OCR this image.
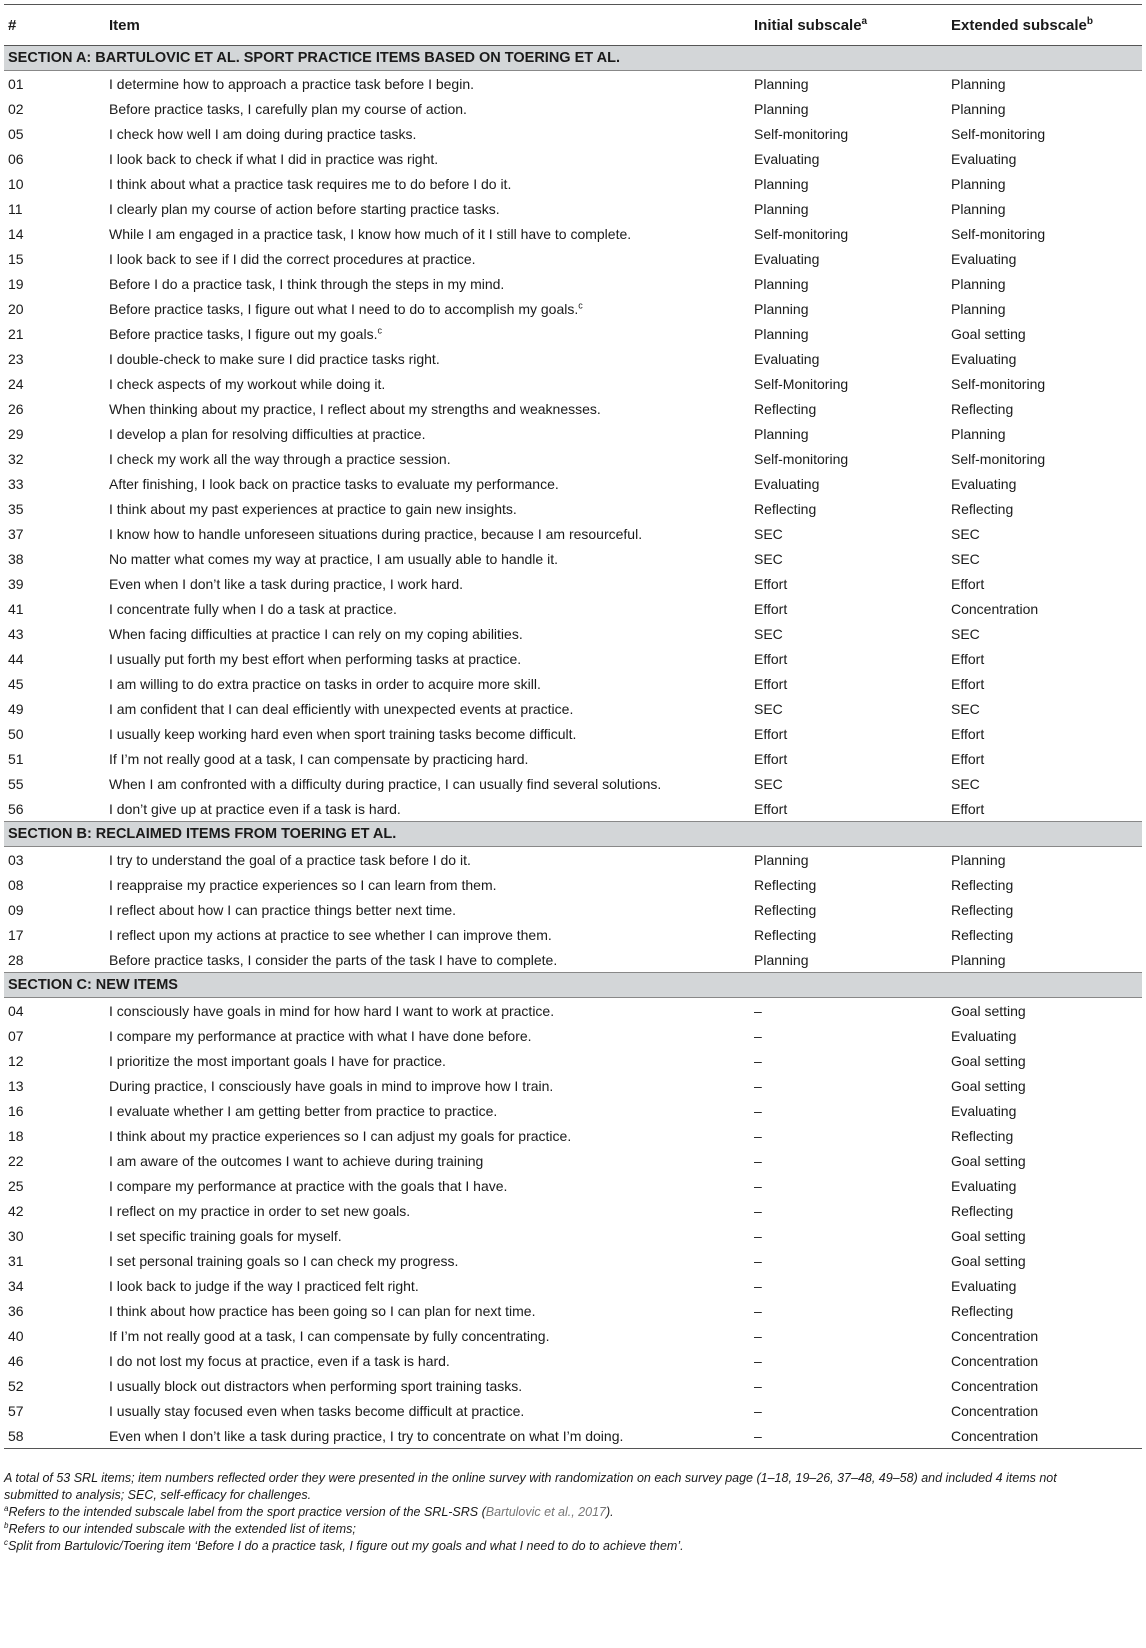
#	Item	Initial subscale$^a$	Extended subscale$^b$
SECTION A: BARTULOVIC ET AL. SPORT PRACTICE ITEMS BASED ON TOERING ET AL.			
01	I determine how to approach a practice task before I begin.	Planning	Planning
02	Before practice tasks, I carefully plan my course of action.	Planning	Planning
05	I check how well I am doing during practice tasks.	Self-monitoring	Self-monitoring
06	I look back to check if what I did in practice was right.	Evaluating	Evaluating
10	I think about what a practice task requires me to do before I do it.	Planning	Planning
11	I clearly plan my course of action before starting practice tasks.	Planning	Planning
14	While I am engaged in a practice task, I know how much of it I still have to complete.	Self-monitoring	Self-monitoring
15	I look back to see if I did the correct procedures at practice.	Evaluating	Evaluating
19	Before I do a practice task, I think through the steps in my mind.	Planning	Planning
20	Before practice tasks, I figure out what I need to do to accomplish my goals.$^c$	Planning	Planning
21	Before practice tasks, I figure out my goals.$^c$	Planning	Goal setting
23	I double-check to make sure I did practice tasks right.	Evaluating	Evaluating
24	I check aspects of my workout while doing it.	Self-Monitoring	Self-monitoring
26	When thinking about my practice, I reflect about my strengths and weaknesses.	Reflecting	Reflecting
29	I develop a plan for resolving difficulties at practice.	Planning	Planning
32	I check my work all the way through a practice session.	Self-monitoring	Self-monitoring
33	After finishing, I look back on practice tasks to evaluate my performance.	Evaluating	Evaluating
35	I think about my past experiences at practice to gain new insights.	Reflecting	Reflecting
37	I know how to handle unforeseen situations during practice, because I am resourceful.	SEC	SEC
38	No matter what comes my way at practice, I am usually able to handle it.	SEC	SEC
39	Even when I don’t like a task during practice, I work hard.	Effort	Effort
41	I concentrate fully when I do a task at practice.	Effort	Concentration
43	When facing difficulties at practice I can rely on my coping abilities.	SEC	SEC
44	I usually put forth my best effort when performing tasks at practice.	Effort	Effort
45	I am willing to do extra practice on tasks in order to acquire more skill.	Effort	Effort
49	I am confident that I can deal efficiently with unexpected events at practice.	SEC	SEC
50	I usually keep working hard even when sport training tasks become difficult.	Effort	Effort
51	If I’m not really good at a task, I can compensate by practicing hard.	Effort	Effort
55	When I am confronted with a difficulty during practice, I can usually find several solutions.	SEC	SEC
56	I don’t give up at practice even if a task is hard.	Effort	Effort
SECTION B: RECLAIMED ITEMS FROM TOERING ET AL.			
03	I try to understand the goal of a practice task before I do it.	Planning	Planning
08	I reappraise my practice experiences so I can learn from them.	Reflecting	Reflecting
09	I reflect about how I can practice things better next time.	Reflecting	Reflecting
17	I reflect upon my actions at practice to see whether I can improve them.	Reflecting	Reflecting
28	Before practice tasks, I consider the parts of the task I have to complete.	Planning	Planning
SECTION C: NEW ITEMS			
04	I consciously have goals in mind for how hard I want to work at practice.	–	Goal setting
07	I compare my performance at practice with what I have done before.	–	Evaluating
12	I prioritize the most important goals I have for practice.	–	Goal setting
13	During practice, I consciously have goals in mind to improve how I train.	–	Goal setting
16	I evaluate whether I am getting better from practice to practice.	–	Evaluating
18	I think about my practice experiences so I can adjust my goals for practice.	–	Reflecting
22	I am aware of the outcomes I want to achieve during training	–	Goal setting
25	I compare my performance at practice with the goals that I have.	–	Evaluating
42	I reflect on my practice in order to set new goals.	–	Reflecting
30	I set specific training goals for myself.	–	Goal setting
31	I set personal training goals so I can check my progress.	–	Goal setting
34	I look back to judge if the way I practiced felt right.	–	Evaluating
36	I think about how practice has been going so I can plan for next time.	–	Reflecting
40	If I’m not really good at a task, I can compensate by fully concentrating.	–	Concentration
46	I do not lost my focus at practice, even if a task is hard.	–	Concentration
52	I usually block out distractors when performing sport training tasks.	–	Concentration
57	I usually stay focused even when tasks become difficult at practice.	–	Concentration
58	Even when I don’t like a task during practice, I try to concentrate on what I’m doing.	–	Concentration

A total of 53 SRL items; item numbers reflected order they were presented in the online survey with randomization on each survey page (1–18, 19–26, 37–48, 49–58) and included 4 items not submitted to analysis; SEC, self-efficacy for challenges.

$^a$Refers to the intended subscale label from the sport practice version of the SRL-SRS (Bartulovic et al., 2017).

$^b$Refers to our intended subscale with the extended list of items;

$^c$Split from Bartulovic/Toering item ‘Before I do a practice task, I figure out my goals and what I need to do to achieve them’.
